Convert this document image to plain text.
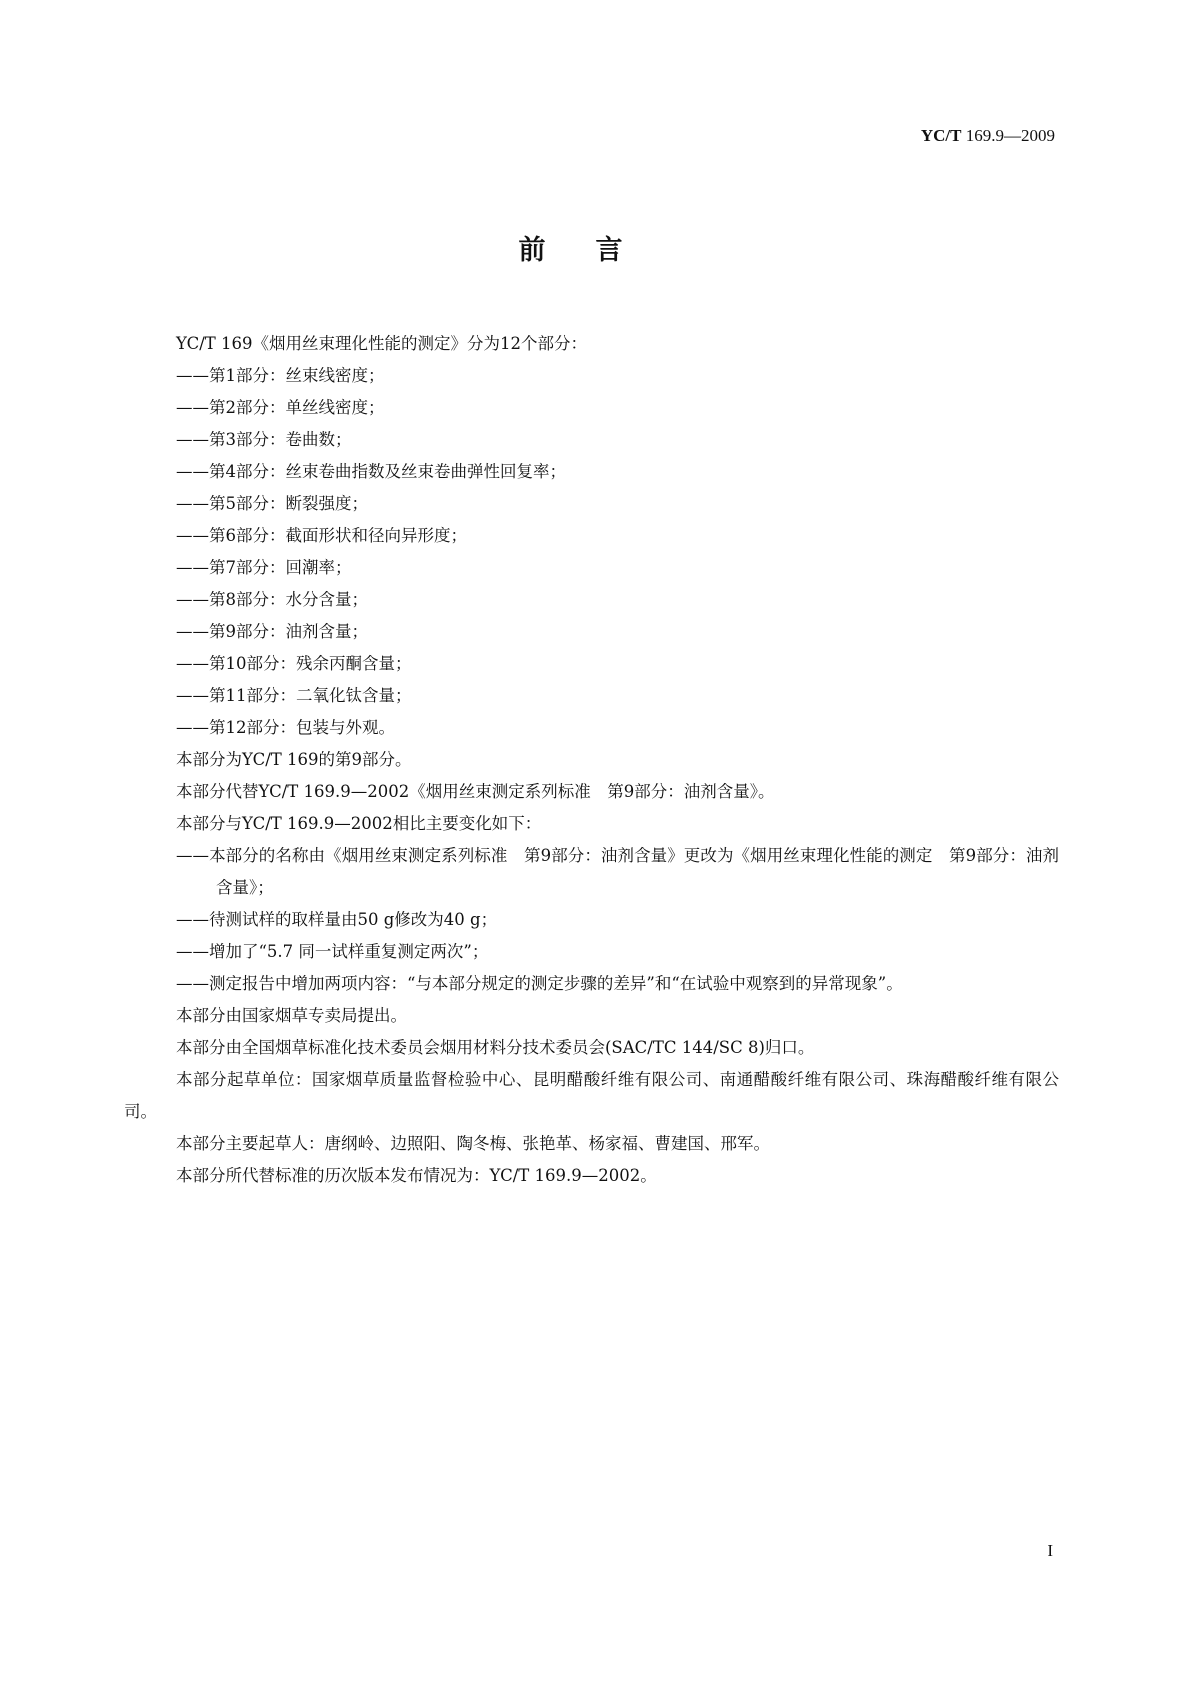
YC/T 169.9—2009
前言
YC/T 169《烟用丝束理化性能的测定》分为12个部分：
——第1部分：丝束线密度；
——第2部分：单丝线密度；
——第3部分：卷曲数；
——第4部分：丝束卷曲指数及丝束卷曲弹性回复率；
——第5部分：断裂强度；
——第6部分：截面形状和径向异形度；
——第7部分：回潮率；
——第8部分：水分含量；
——第9部分：油剂含量；
——第10部分：残余丙酮含量；
——第11部分：二氧化钛含量；
——第12部分：包装与外观。
本部分为YC/T 169的第9部分。
本部分代替YC/T 169.9—2002《烟用丝束测定系列标准　第9部分：油剂含量》。
本部分与YC/T 169.9—2002相比主要变化如下：
——本部分的名称由《烟用丝束测定系列标准　第9部分：油剂含量》更改为《烟用丝束理化性能的测定　第9部分：油剂含量》；
——待测试样的取样量由50 g修改为40 g；
——增加了“5.7 同一试样重复测定两次”；
——测定报告中增加两项内容：“与本部分规定的测定步骤的差异”和“在试验中观察到的异常现象”。
本部分由国家烟草专卖局提出。
本部分由全国烟草标准化技术委员会烟用材料分技术委员会(SAC/TC 144/SC 8)归口。
本部分起草单位：国家烟草质量监督检验中心、昆明醋酸纤维有限公司、南通醋酸纤维有限公司、珠海醋酸纤维有限公司。
本部分主要起草人：唐纲岭、边照阳、陶冬梅、张艳革、杨家福、曹建国、邢军。
本部分所代替标准的历次版本发布情况为：YC/T 169.9—2002。
I
